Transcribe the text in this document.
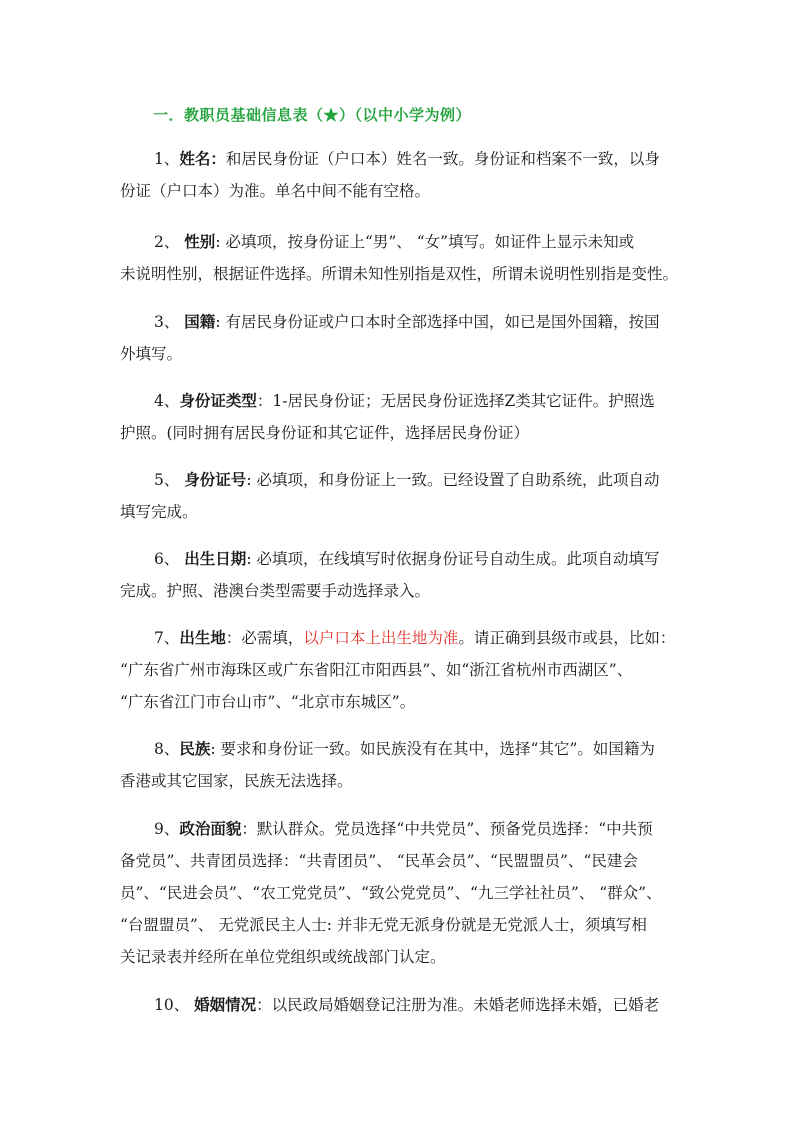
一．教职员基础信息表（★）（以中小学为例）
1、姓名：和居民身份证（户口本）姓名一致。身份证和档案不一致，以身
份证（户口本）为准。单名中间不能有空格。
2、 性别: 必填项，按身份证上“男”、 “女”填写。如证件上显示未知或
未说明性别，根据证件选择。所谓未知性别指是双性，所谓未说明性别指是变性。
3、 国籍: 有居民身份证或户口本时全部选择中国，如已是国外国籍，按国
外填写。
4、身份证类型：1-居民身份证；无居民身份证选择Z类其它证件。护照选
护照。(同时拥有居民身份证和其它证件，选择居民身份证）
5、 身份证号: 必填项，和身份证上一致。已经设置了自助系统，此项自动
填写完成。
6、 出生日期: 必填项，在线填写时依据身份证号自动生成。此项自动填写
完成。护照、港澳台类型需要手动选择录入。
7、出生地：必需填，以户口本上出生地为准。请正确到县级市或县，比如：
“广东省广州市海珠区或广东省阳江市阳西县”、如“浙江省杭州市西湖区”、
“广东省江门市台山市”、“北京市东城区”。
8、民族: 要求和身份证一致。如民族没有在其中，选择“其它”。如国籍为
香港或其它国家，民族无法选择。
9、政治面貌：默认群众。党员选择“中共党员”、预备党员选择：“中共预
备党员”、共青团员选择：“共青团员”、 “民革会员”、“民盟盟员”、“民建会
员”、“民进会员”、“农工党党员”、“致公党党员”、“九三学社社员”、 “群众”、
“台盟盟员”、 无党派民主人士: 并非无党无派身份就是无党派人士，须填写相
关记录表并经所在单位党组织或统战部门认定。
10、 婚姻情况：以民政局婚姻登记注册为准。未婚老师选择未婚，已婚老
